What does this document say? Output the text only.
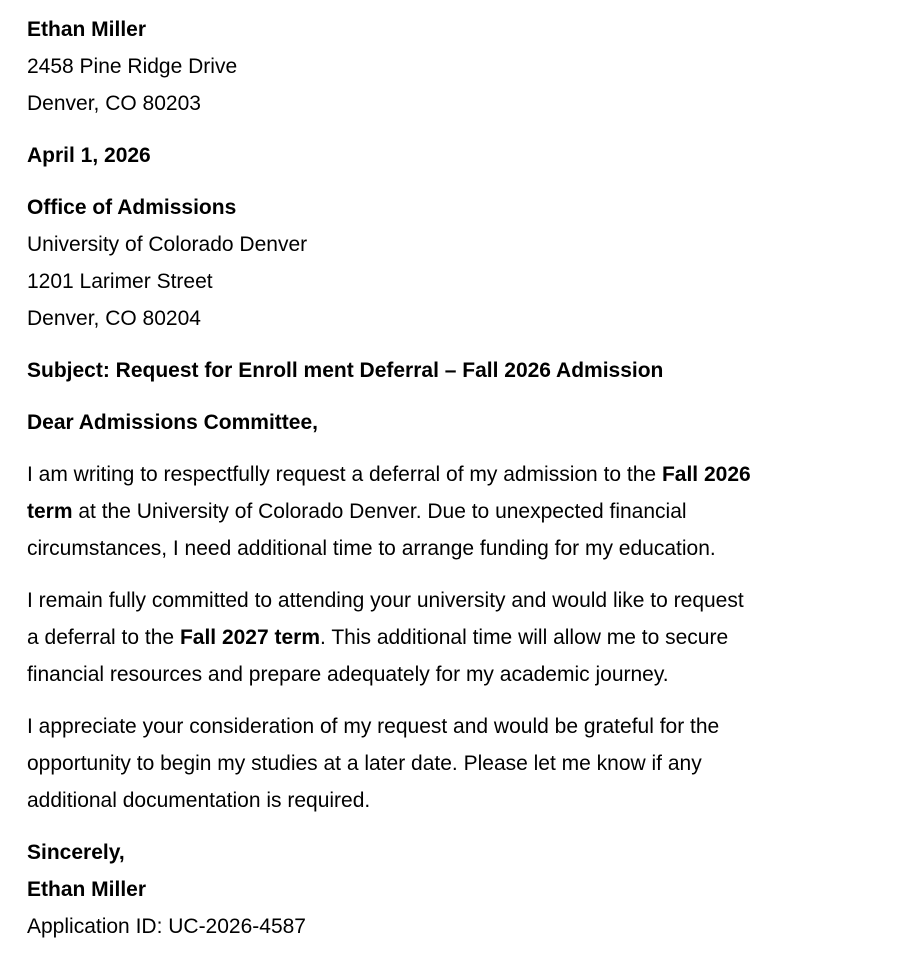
Ethan Miller
2458 Pine Ridge Drive
Denver, CO 80203
April 1, 2026
Office of Admissions
University of Colorado Denver
1201 Larimer Street
Denver, CO 80204
Subject: Request for Enroll ment Deferral – Fall 2026 Admission
Dear Admissions Committee,
I am writing to respectfully request a deferral of my admission to the Fall 2026
term at the University of Colorado Denver. Due to unexpected financial
circumstances, I need additional time to arrange funding for my education.
I remain fully committed to attending your university and would like to request
a deferral to the Fall 2027 term. This additional time will allow me to secure
financial resources and prepare adequately for my academic journey.
I appreciate your consideration of my request and would be grateful for the
opportunity to begin my studies at a later date. Please let me know if any
additional documentation is required.
Sincerely,
Ethan Miller
Application ID: UC-2026-4587
